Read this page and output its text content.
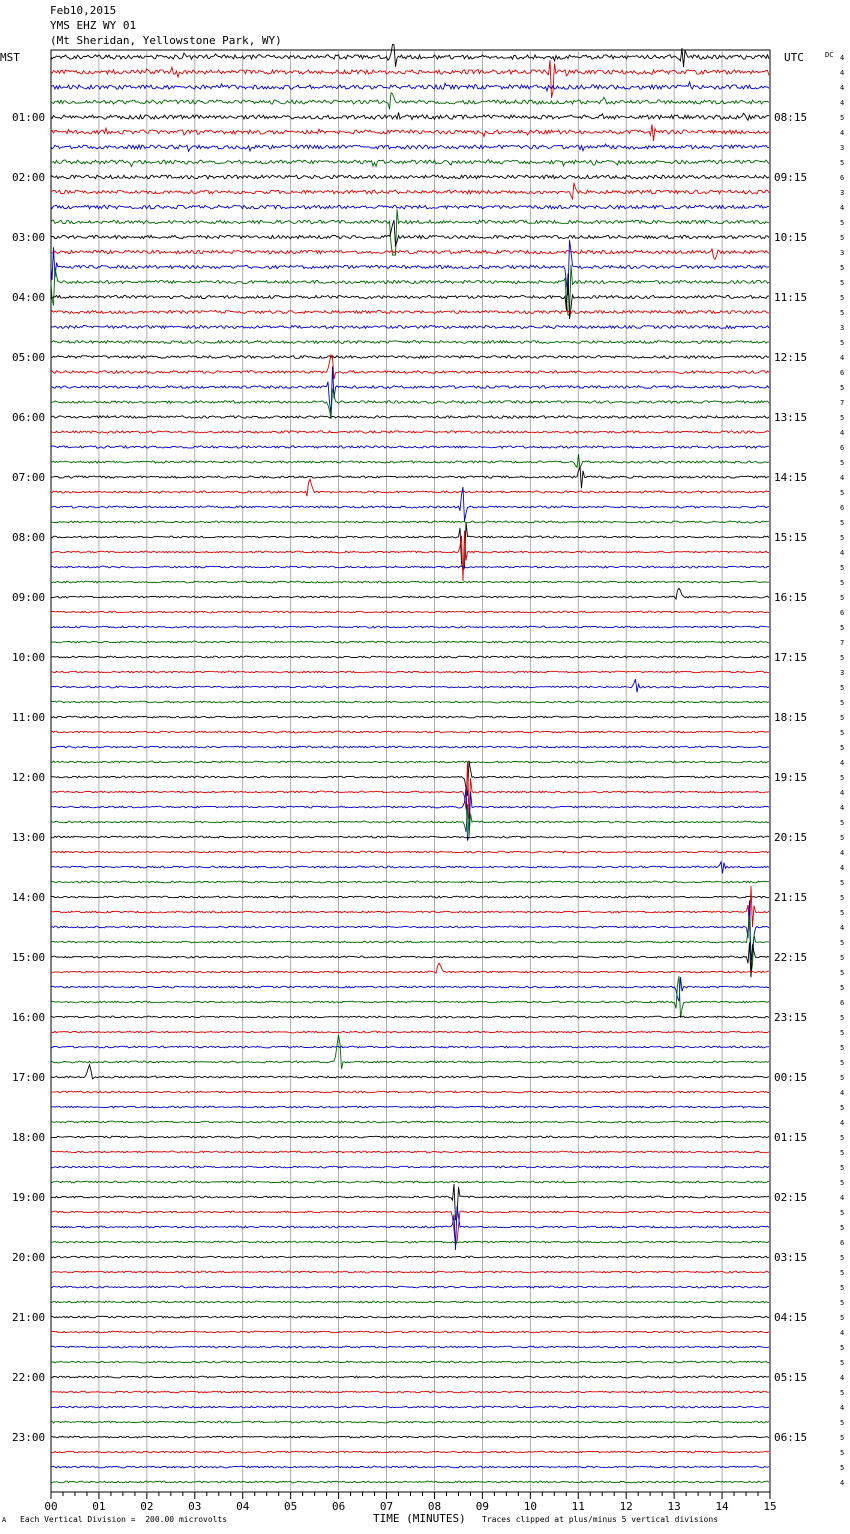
Feb10,2015
YMS EHZ WY 01
(Mt Sheridan, Yellowstone Park, WY)
MST	UTC	DC
01:00
02:00
03:00
04:00
05:00
06:00
07:00
08:00
09:00
10:00
11:00
12:00
13:00
14:00
15:00
16:00
17:00
18:00
19:00
20:00
21:00
22:00
23:00
08:15
09:15
10:15
11:15
12:15
13:15
14:15
15:15
16:15
17:15
18:15
19:15
20:15
21:15
22:15
23:15
00:15
01:15
02:15
03:15
04:15
05:15
06:15
4
4
4
4
5
4
3
5
6
3
4
5
5
3
5
5
5
5
3
5
4
6
5
7
5
4
6
5
4
5
6
5
5
4
5
5
5
6
5
7
5
3
5
5
5
5
5
4
5
4
4
5
5
4
4
5
5
5
4
5
5
5
5
6
5
5
5
5
5
4
5
4
5
5
5
5
4
5
5
6
5
5
5
5
5
4
5
5
4
5
4
5
5
5
5
4
00	01	02	03	04	05	06	07	08	09	10	11	12	13	14	15
A Each Vertical Division =  200.00 microvolts	TIME (MINUTES) Traces clipped at plus/minus 5 vertical divisions
